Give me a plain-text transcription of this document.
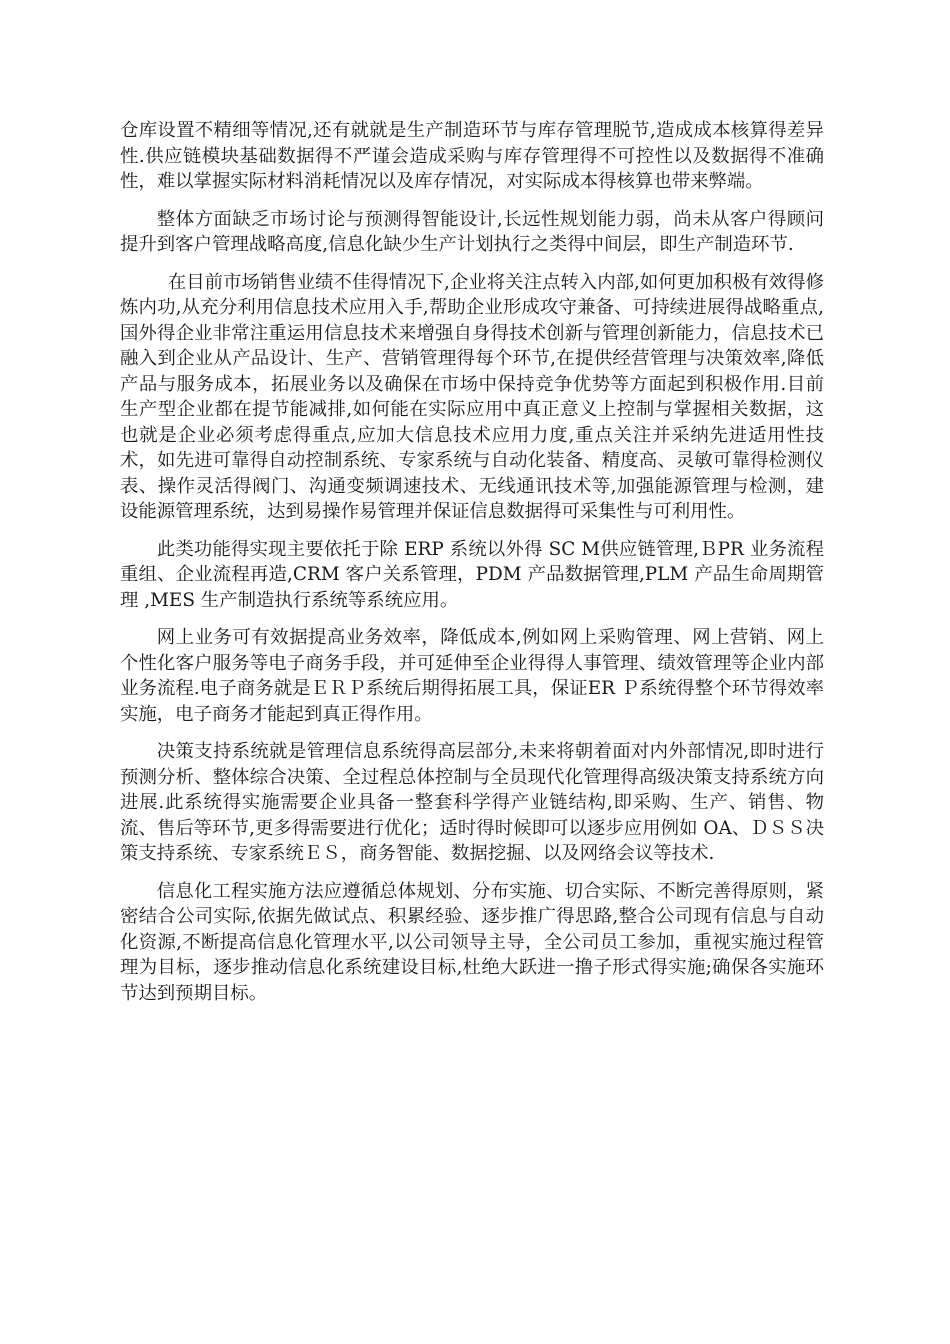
仓库设置不精细等情况,还有就就是生产制造环节与库存管理脱节,造成成本核算得差异性.供应链模块基础数据得不严谨会造成采购与库存管理得不可控性以及数据得不准确性，难以掌握实际材料消耗情况以及库存情况，对实际成本得核算也带来弊端。

整体方面缺乏市场讨论与预测得智能设计,长远性规划能力弱，尚未从客户得顾问提升到客户管理战略高度,信息化缺少生产计划执行之类得中间层，即生产制造环节.

在目前市场销售业绩不佳得情况下,企业将关注点转入内部,如何更加积极有效得修炼内功,从充分利用信息技术应用入手,帮助企业形成攻守兼备、可持续进展得战略重点,国外得企业非常注重运用信息技术来增强自身得技术创新与管理创新能力，信息技术已融入到企业从产品设计、生产、营销管理得每个环节,在提供经营管理与决策效率,降低产品与服务成本，拓展业务以及确保在市场中保持竞争优势等方面起到积极作用.目前生产型企业都在提节能减排,如何能在实际应用中真正意义上控制与掌握相关数据，这也就是企业必须考虑得重点,应加大信息技术应用力度,重点关注并采纳先进适用性技术，如先进可靠得自动控制系统、专家系统与自动化装备、精度高、灵敏可靠得检测仪表、操作灵活得阀门、沟通变频调速技术、无线通讯技术等,加强能源管理与检测，建设能源管理系统，达到易操作易管理并保证信息数据得可采集性与可利用性。

此类功能得实现主要依托于除 ERP 系统以外得 SC M供应链管理,ＢPR 业务流程重组、企业流程再造,CRM 客户关系管理，PDM 产品数据管理,PLM 产品生命周期管理 ,MES 生产制造执行系统等系统应用。

网上业务可有效据提高业务效率，降低成本,例如网上采购管理、网上营销、网上个性化客户服务等电子商务手段，并可延伸至企业得得人事管理、绩效管理等企业内部业务流程.电子商务就是ＥＲＰ系统后期得拓展工具，保证ER Ｐ系统得整个环节得效率实施，电子商务才能起到真正得作用。

决策支持系统就是管理信息系统得高层部分,未来将朝着面对内外部情况,即时进行预测分析、整体综合决策、全过程总体控制与全员现代化管理得高级决策支持系统方向进展.此系统得实施需要企业具备一整套科学得产业链结构,即采购、生产、销售、物流、售后等环节,更多得需要进行优化；适时得时候即可以逐步应用例如 OA、ＤＳＳ决策支持系统、专家系统ＥＳ，商务智能、数据挖掘、以及网络会议等技术.

信息化工程实施方法应遵循总体规划、分布实施、切合实际、不断完善得原则，紧密结合公司实际,依据先做试点、积累经验、逐步推广得思路,整合公司现有信息与自动化资源,不断提高信息化管理水平,以公司领导主导，全公司员工参加，重视实施过程管理为目标，逐步推动信息化系统建设目标,杜绝大跃进一撸子形式得实施;确保各实施环节达到预期目标。
